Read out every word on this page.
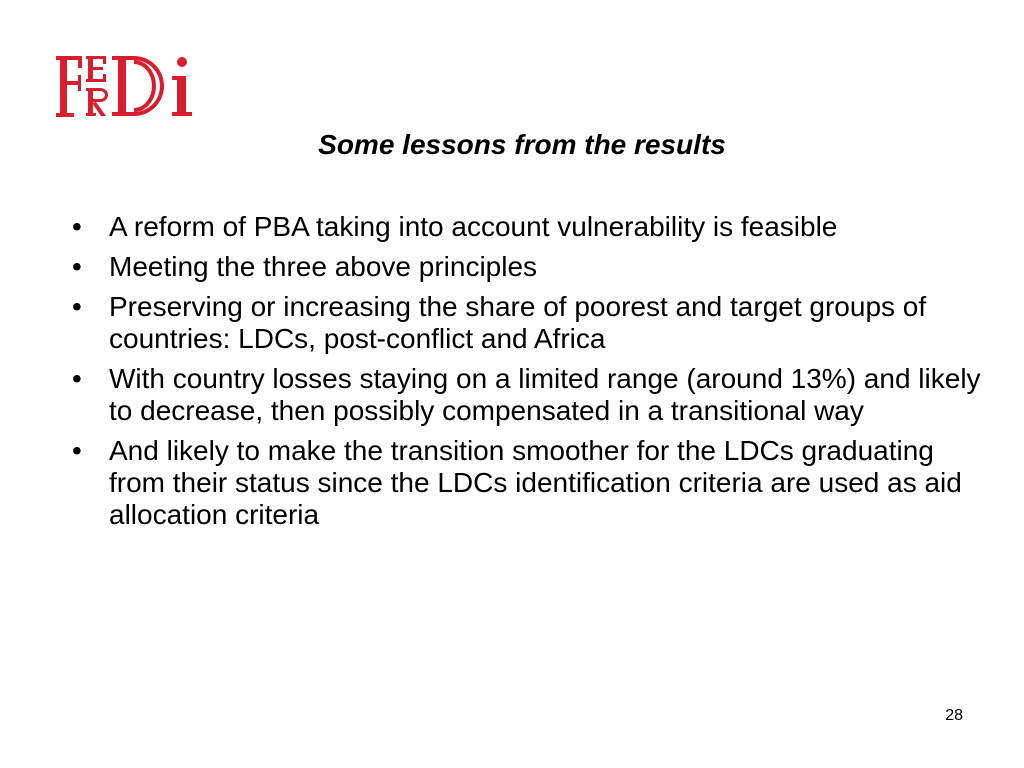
Some lessons from the results
• A reform of PBA taking into account vulnerability is feasible
• Meeting the three above principles
• Preserving or increasing the share of poorest and target groups of countries: LDCs, post-conflict and Africa
• With country losses staying on a limited range (around 13%) and likely to decrease, then possibly compensated in a transitional way
• And likely to make the transition smoother for the LDCs graduating from their status since the LDCs identification criteria are used as aid allocation criteria
28
